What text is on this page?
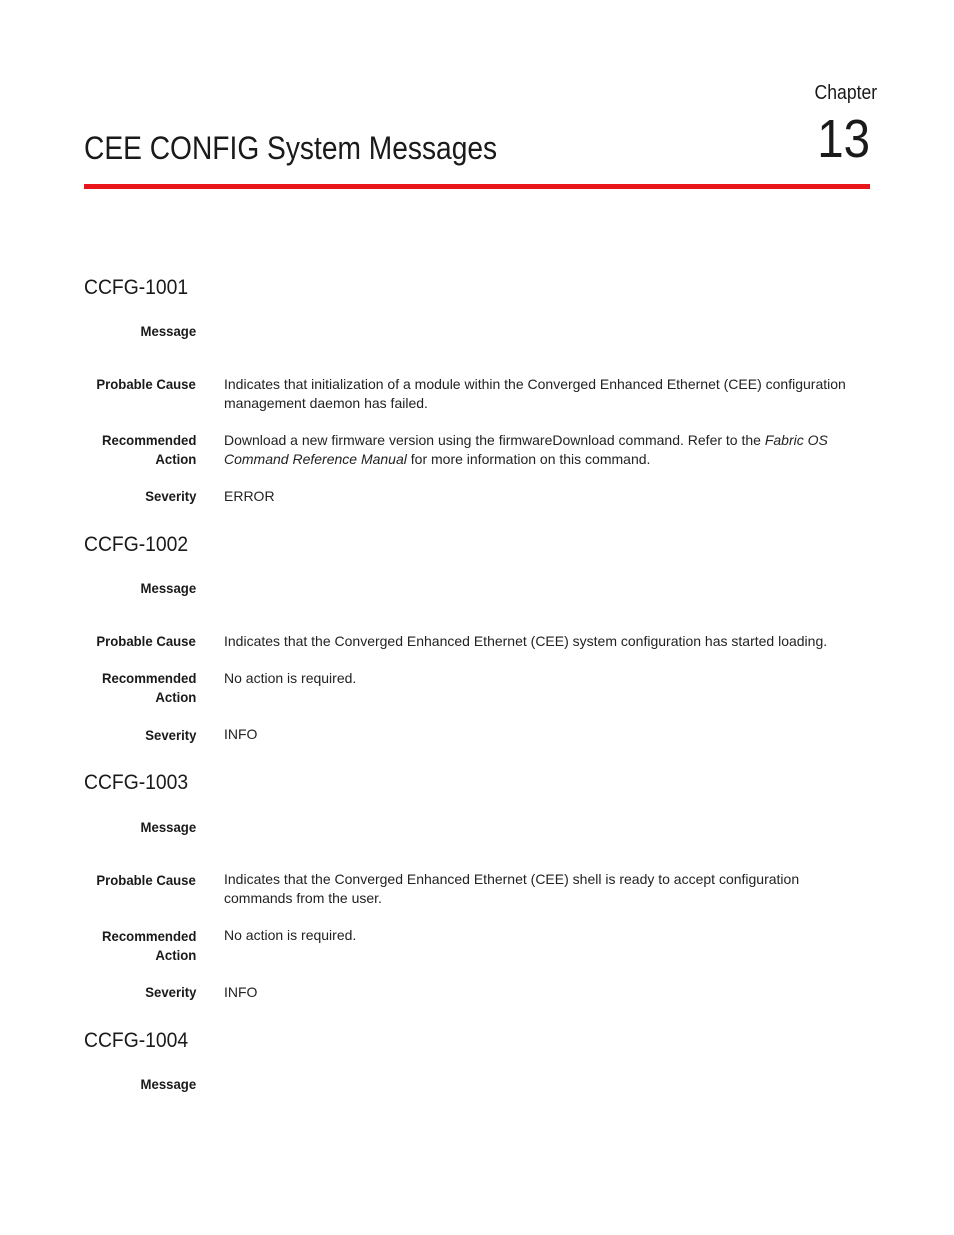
Chapter
13
CEE CONFIG System Messages
CCFG-1001
Message
Probable Cause Indicates that initialization of a module within the Converged Enhanced Ethernet (CEE) configuration management daemon has failed.
Recommended
Action
Download a new firmware version using the firmwareDownload command. Refer to the Fabric OS Command Reference Manual for more information on this command.
Severity ERROR
CCFG-1002
Message
Probable Cause Indicates that the Converged Enhanced Ethernet (CEE) system configuration has started loading.
Recommended
Action
No action is required.
Severity INFO
CCFG-1003
Message
Probable Cause Indicates that the Converged Enhanced Ethernet (CEE) shell is ready to accept configuration commands from the user.
Recommended
Action
No action is required.
Severity INFO
CCFG-1004
Message
